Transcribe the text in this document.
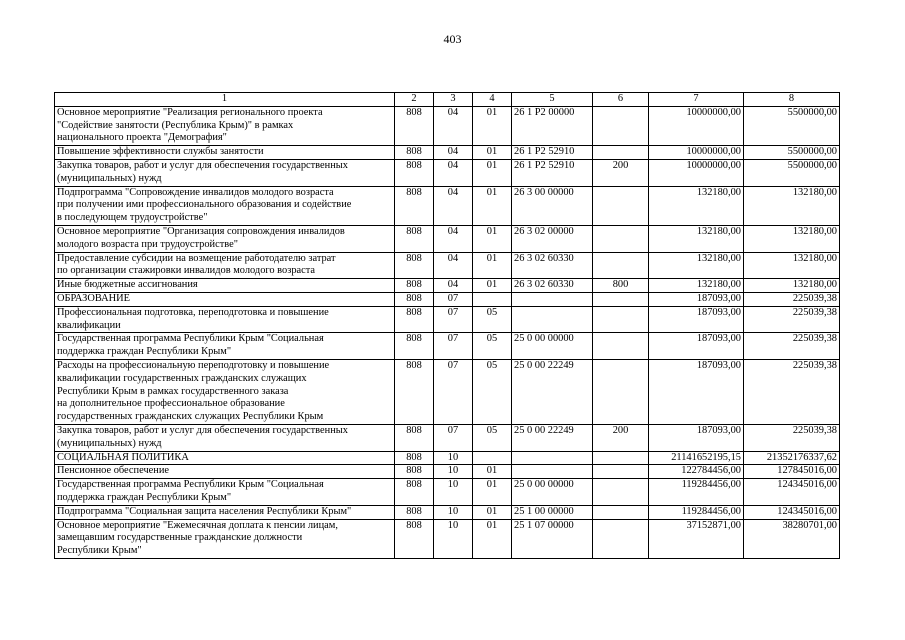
403
1	2	3	4	5	6	7	8
Основное мероприятие "Реализация регионального проекта
"Содействие занятости (Республика Крым)" в рамках
национального проекта "Демография"	808	04	01	26 1 P2 00000		10000000,00	5500000,00
Повышение эффективности службы занятости	808	04	01	26 1 P2 52910		10000000,00	5500000,00
Закупка товаров, работ и услуг для обеспечения государственных
(муниципальных) нужд	808	04	01	26 1 P2 52910	200	10000000,00	5500000,00
Подпрограмма "Сопровождение инвалидов молодого возраста
при получении ими профессионального образования и содействие
в последующем трудоустройстве"	808	04	01	26 3 00 00000		132180,00	132180,00
Основное мероприятие "Организация сопровождения инвалидов
молодого возраста при трудоустройстве"	808	04	01	26 3 02 00000		132180,00	132180,00
Предоставление субсидии на возмещение работодателю затрат
по организации стажировки инвалидов молодого возраста	808	04	01	26 3 02 60330		132180,00	132180,00
Иные бюджетные ассигнования	808	04	01	26 3 02 60330	800	132180,00	132180,00
ОБРАЗОВАНИЕ	808	07				187093,00	225039,38
Профессиональная подготовка, переподготовка и повышение
квалификации	808	07	05			187093,00	225039,38
Государственная программа Республики Крым "Социальная
поддержка граждан Республики Крым"	808	07	05	25 0 00 00000		187093,00	225039,38
Расходы на профессиональную переподготовку и повышение
квалификации государственных гражданских служащих
Республики Крым в рамках государственного заказа
на дополнительное профессиональное образование
государственных гражданских служащих Республики Крым	808	07	05	25 0 00 22249		187093,00	225039,38
Закупка товаров, работ и услуг для обеспечения государственных
(муниципальных) нужд	808	07	05	25 0 00 22249	200	187093,00	225039,38
СОЦИАЛЬНАЯ ПОЛИТИКА	808	10				21141652195,15	21352176337,62
Пенсионное обеспечение	808	10	01			122784456,00	127845016,00
Государственная программа Республики Крым "Социальная
поддержка граждан Республики Крым"	808	10	01	25 0 00 00000		119284456,00	124345016,00
Подпрограмма "Социальная защита населения Республики Крым"	808	10	01	25 1 00 00000		119284456,00	124345016,00
Основное мероприятие "Ежемесячная доплата к пенсии лицам,
замещавшим государственные гражданские должности
Республики Крым"	808	10	01	25 1 07 00000		37152871,00	38280701,00
